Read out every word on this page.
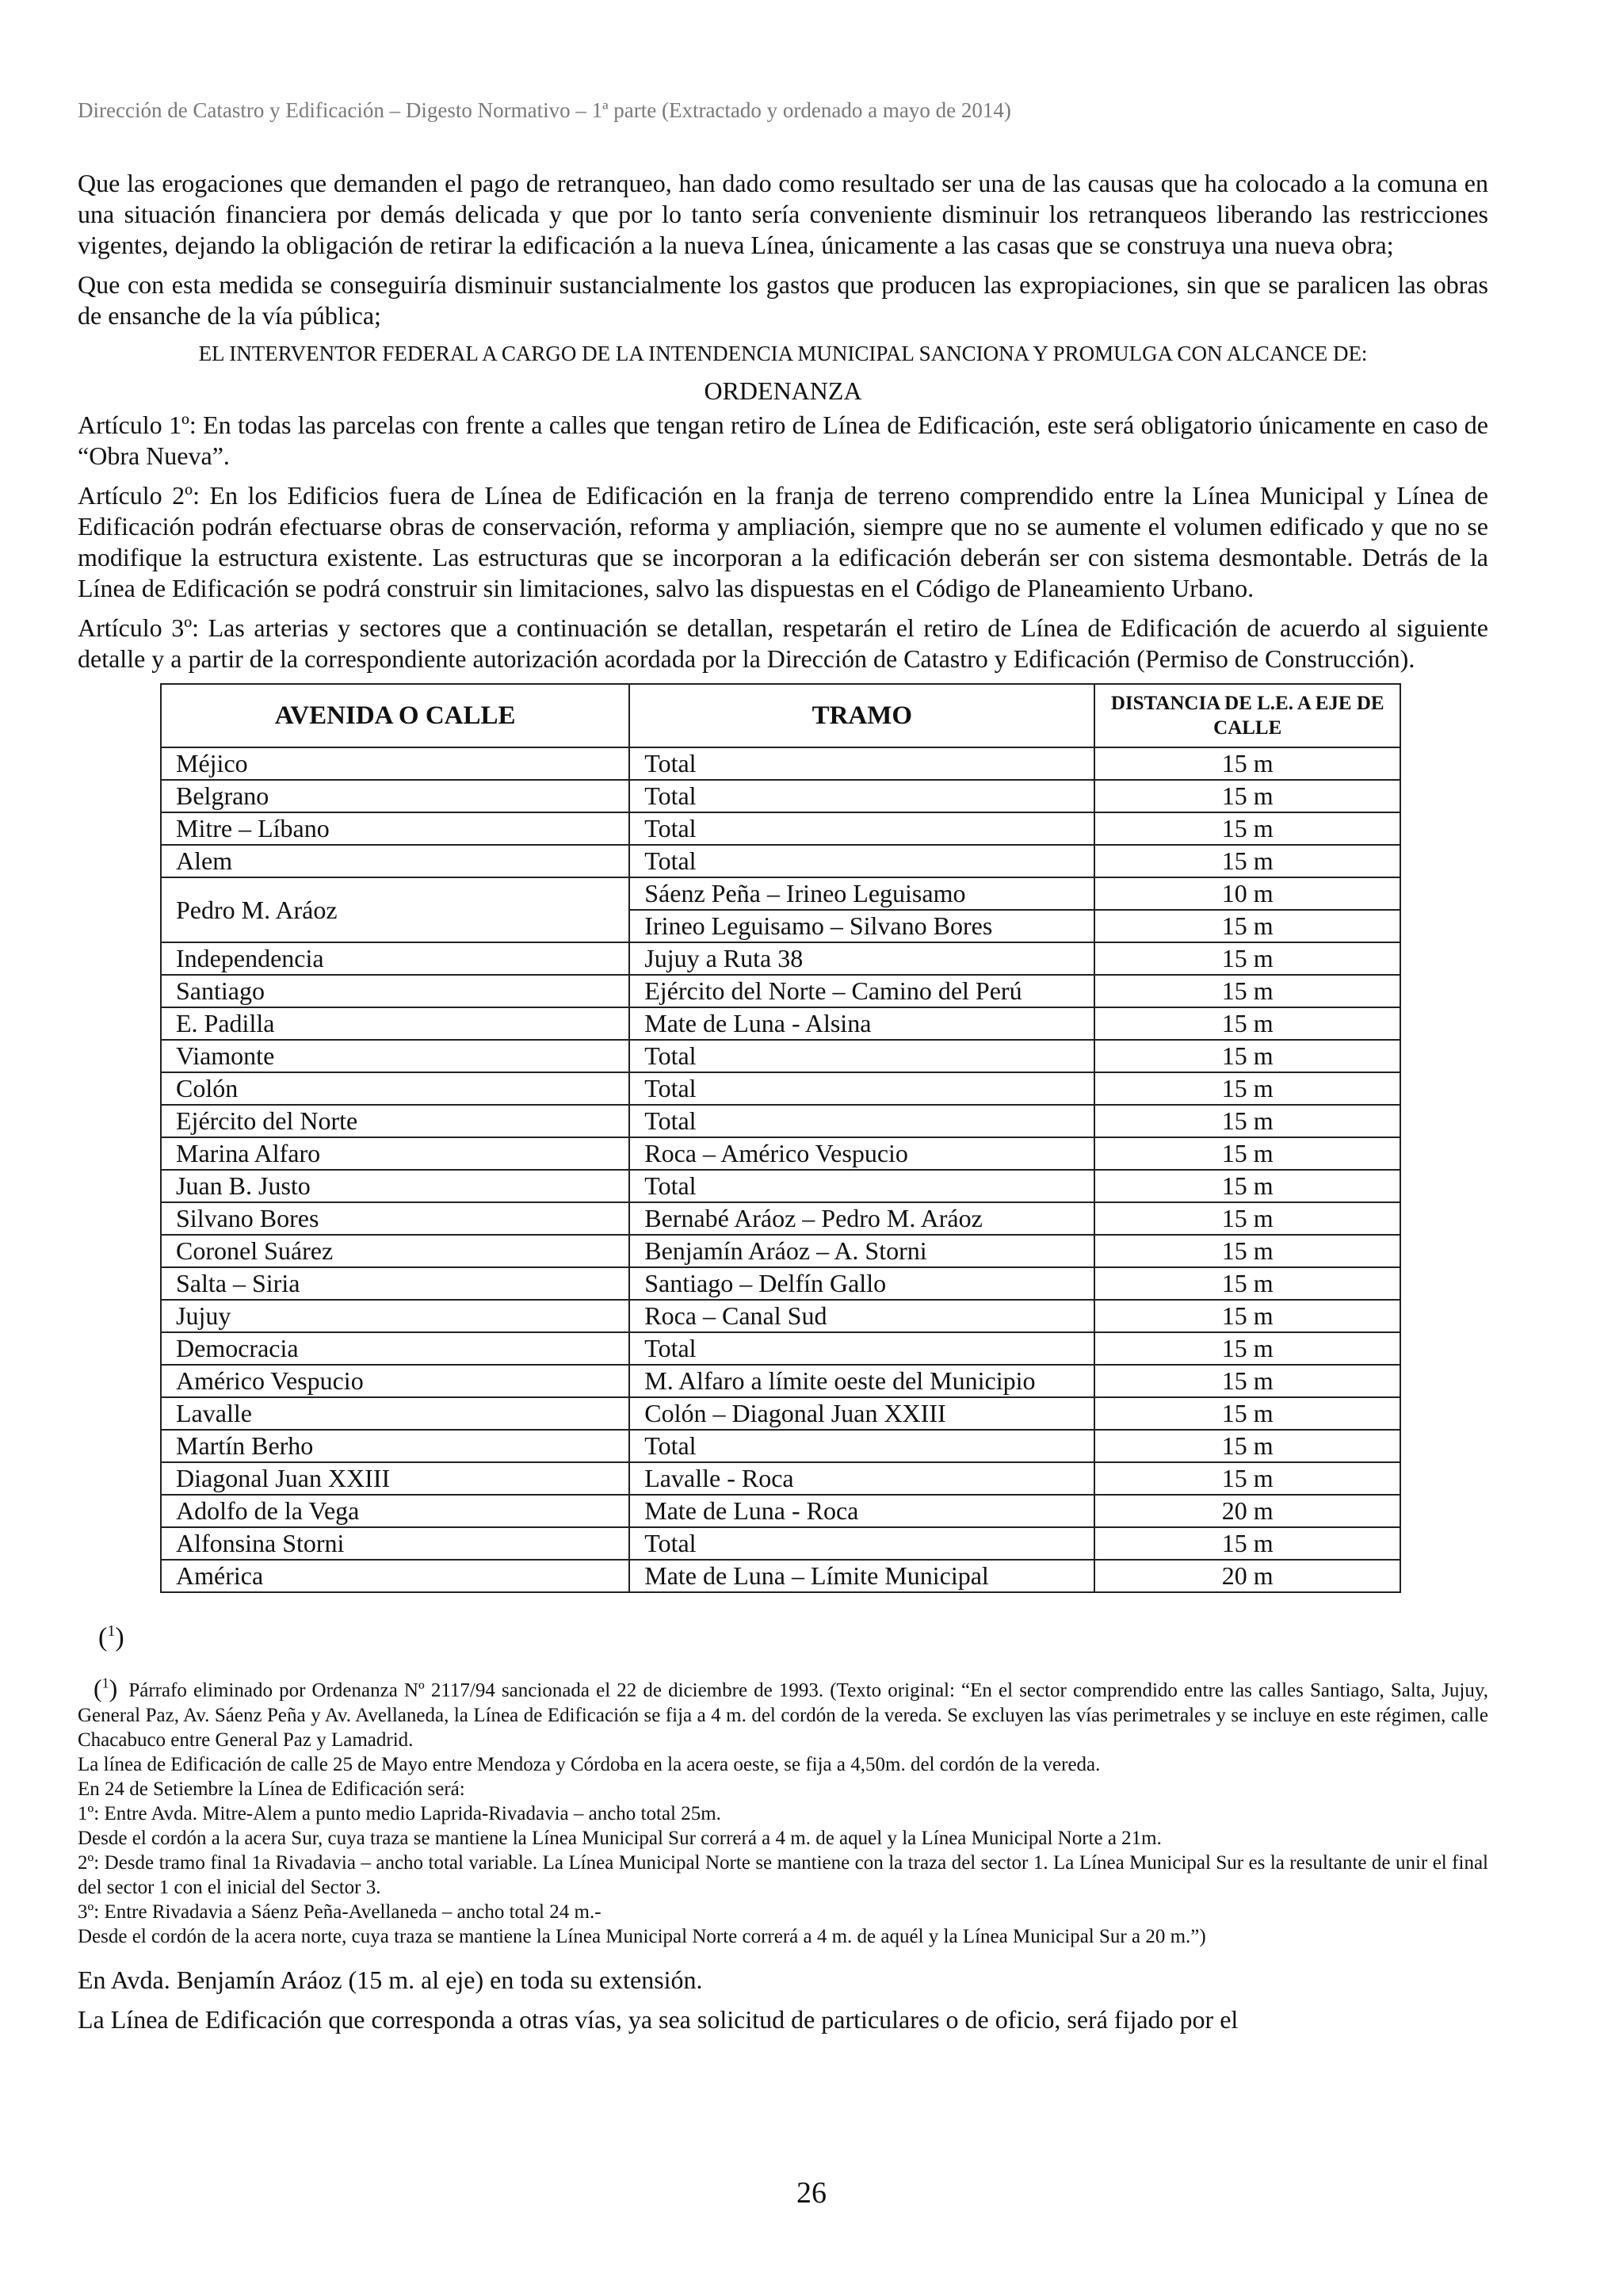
Dirección de Catastro y Edificación – Digesto Normativo – 1ª parte (Extractado y ordenado a mayo de 2014)

Que las erogaciones que demanden el pago de retranqueo, han dado como resultado ser una de las causas que ha colocado a la comuna en una situación financiera por demás delicada y que por lo tanto sería conveniente disminuir los retranqueos liberando las restricciones vigentes, dejando la obligación de retirar la edificación a la nueva Línea, únicamente a las casas que se construya una nueva obra;

Que con esta medida se conseguiría disminuir sustancialmente los gastos que producen las expropiaciones, sin que se paralicen las obras de ensanche de la vía pública;

EL INTERVENTOR FEDERAL A CARGO DE LA INTENDENCIA MUNICIPAL SANCIONA Y PROMULGA CON ALCANCE DE:
ORDENANZA

Artículo 1º: En todas las parcelas con frente a calles que tengan retiro de Línea de Edificación, este será obligatorio únicamente en caso de “Obra Nueva”.

Artículo 2º: En los Edificios fuera de Línea de Edificación en la franja de terreno comprendido entre la Línea Municipal y Línea de Edificación podrán efectuarse obras de conservación, reforma y ampliación, siempre que no se aumente el volumen edificado y que no se modifique la estructura existente. Las estructuras que se incorporan a la edificación deberán ser con sistema desmontable. Detrás de la Línea de Edificación se podrá construir sin limitaciones, salvo las dispuestas en el Código de Planeamiento Urbano.

Artículo 3º: Las arterias y sectores que a continuación se detallan, respetarán el retiro de Línea de Edificación de acuerdo al siguiente detalle y a partir de la correspondiente autorización acordada por la Dirección de Catastro y Edificación (Permiso de Construcción).

AVENIDA O CALLE	TRAMO	DISTANCIA DE L.E. A EJE DE CALLE
Méjico	Total	15 m
Belgrano	Total	15 m
Mitre – Líbano	Total	15 m
Alem	Total	15 m
Pedro M. Aráoz	Sáenz Peña – Irineo Leguisamo	10 m
	Irineo Leguisamo – Silvano Bores	15 m
Independencia	Jujuy a Ruta 38	15 m
Santiago	Ejército del Norte – Camino del Perú	15 m
E. Padilla	Mate de Luna - Alsina	15 m
Viamonte	Total	15 m
Colón	Total	15 m
Ejército del Norte	Total	15 m
Marina Alfaro	Roca – Américo Vespucio	15 m
Juan B. Justo	Total	15 m
Silvano Bores	Bernabé Aráoz – Pedro M. Aráoz	15 m
Coronel Suárez	Benjamín Aráoz – A. Storni	15 m
Salta – Siria	Santiago – Delfín Gallo	15 m
Jujuy	Roca – Canal Sud	15 m
Democracia	Total	15 m
Américo Vespucio	M. Alfaro a límite oeste del Municipio	15 m
Lavalle	Colón – Diagonal Juan XXIII	15 m
Martín Berho	Total	15 m
Diagonal Juan XXIII	Lavalle - Roca	15 m
Adolfo de la Vega	Mate de Luna - Roca	20 m
Alfonsina Storni	Total	15 m
América	Mate de Luna – Límite Municipal	20 m
($^1$)

($^1$) Párrafo eliminado por Ordenanza Nº 2117/94 sancionada el 22 de diciembre de 1993. (Texto original: “En el sector comprendido entre las calles Santiago, Salta, Jujuy, General Paz, Av. Sáenz Peña y Av. Avellaneda, la Línea de Edificación se fija a 4 m. del cordón de la vereda. Se excluyen las vías perimetrales y se incluye en este régimen, calle Chacabuco entre General Paz y Lamadrid.

La línea de Edificación de calle 25 de Mayo entre Mendoza y Córdoba en la acera oeste, se fija a 4,50m. del cordón de la vereda.

En 24 de Setiembre la Línea de Edificación será:

1º: Entre Avda. Mitre-Alem a punto medio Laprida-Rivadavia – ancho total 25m.

Desde el cordón a la acera Sur, cuya traza se mantiene la Línea Municipal Sur correrá a 4 m. de aquel y la Línea Municipal Norte a 21m.

2º: Desde tramo final 1a Rivadavia – ancho total variable. La Línea Municipal Norte se mantiene con la traza del sector 1. La Línea Municipal Sur es la resultante de unir el final del sector 1 con el inicial del Sector 3.

3º: Entre Rivadavia a Sáenz Peña-Avellaneda – ancho total 24 m.-

Desde el cordón de la acera norte, cuya traza se mantiene la Línea Municipal Norte correrá a 4 m. de aquél y la Línea Municipal Sur a 20 m.”)

En Avda. Benjamín Aráoz (15 m. al eje) en toda su extensión.

La Línea de Edificación que corresponda a otras vías, ya sea solicitud de particulares o de oficio, será fijado por el

26
